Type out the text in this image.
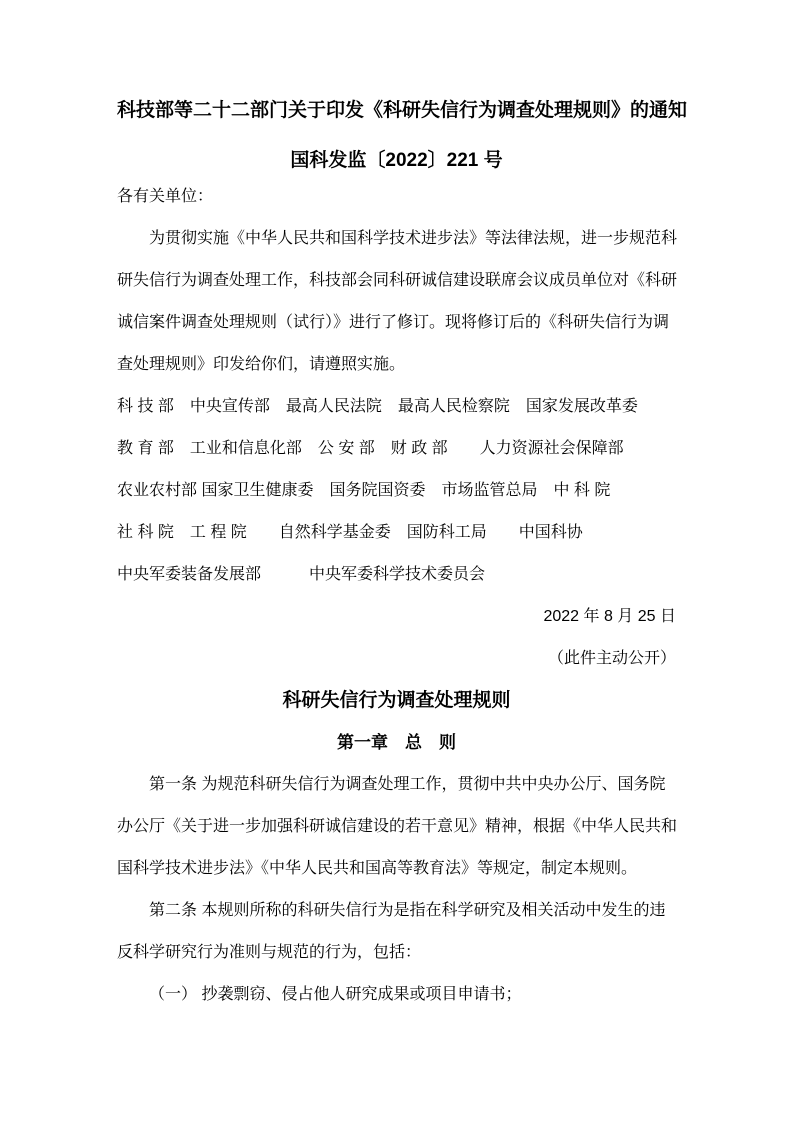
科技部等二十二部门关于印发《科研失信行为调查处理规则》的通知
国科发监〔2022〕221 号
各有关单位：
为贯彻实施《中华人民共和国科学技术进步法》等法律法规，进一步规范科
研失信行为调查处理工作，科技部会同科研诚信建设联席会议成员单位对《科研
诚信案件调查处理规则（试行）》进行了修订。现将修订后的《科研失信行为调
查处理规则》印发给你们，请遵照实施。
科 技 部　中央宣传部　最高人民法院　最高人民检察院　国家发展改革委
教 育 部　工业和信息化部　公 安 部　财 政 部　　人力资源社会保障部
农业农村部 国家卫生健康委　国务院国资委　市场监管总局　中 科 院
社 科 院　工 程 院　　自然科学基金委　国防科工局　　中国科协
中央军委装备发展部　　　中央军委科学技术委员会
2022 年 8 月 25 日
（此件主动公开）
科研失信行为调查处理规则
第一章　总　则
第一条 为规范科研失信行为调查处理工作，贯彻中共中央办公厅、国务院
办公厅《关于进一步加强科研诚信建设的若干意见》精神，根据《中华人民共和
国科学技术进步法》《中华人民共和国高等教育法》等规定，制定本规则。
第二条 本规则所称的科研失信行为是指在科学研究及相关活动中发生的违
反科学研究行为准则与规范的行为，包括：
（一） 抄袭剽窃、侵占他人研究成果或项目申请书；
